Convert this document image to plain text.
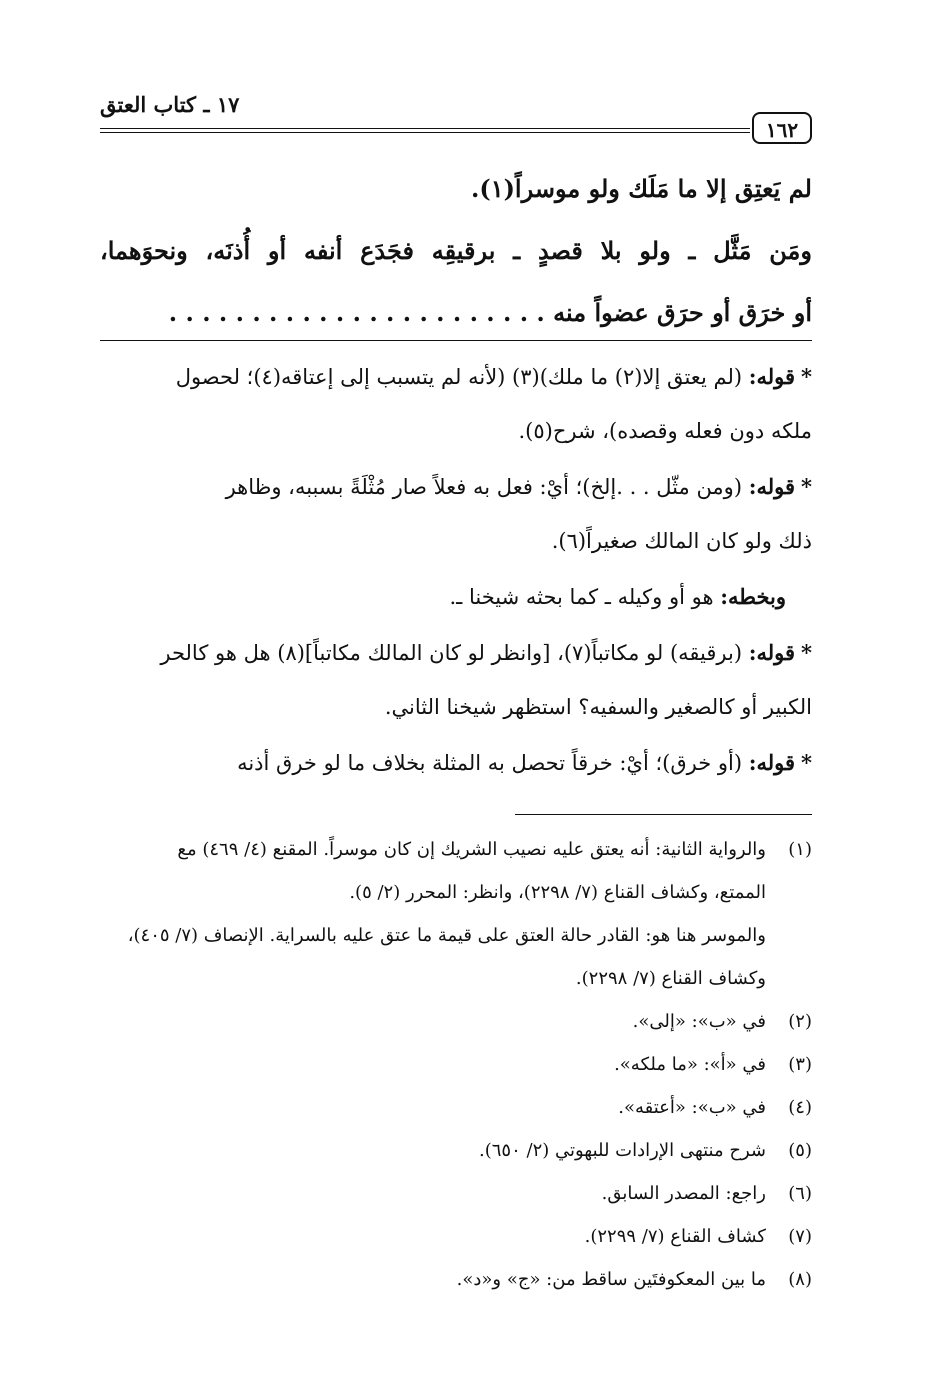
١٧ ـ كتاب العتق
١٦٢
لم يَعتِق إلا ما مَلَك ولو موسراً(١).
ومَن مَثَّل ـ ولو بلا قصدٍ ـ برقيقِه فجَدَع أنفه أو أُذنَه، ونحوَهما،
أو خرَق أو حرَق عضواً منه . . . . . . . . . . . . . . . . . . . . . . .

*قوله: (لم يعتق إلا(٢) ما ملك)(٣) (لأنه لم يتسبب إلى إعتاقه(٤)؛ لحصول

ملكه دون فعله وقصده)، شرح(٥).

*قوله: (ومن مثّل . . .إلخ)؛ أيْ: فعل به فعلاً صار مُثْلَةً بسببه، وظاهر

ذلك ولو كان المالك صغيراً(٦).

وبخطه: هو أو وكيله ـ كما بحثه شيخنا ـ.

*قوله: (برقيقه) لو مكاتباً(٧)، [وانظر لو كان المالك مكاتباً](٨) هل هو كالحر

الكبير أو كالصغير والسفيه؟ استظهر شيخنا الثاني.

*قوله: (أو خرق)؛ أيْ: خرقاً تحصل به المثلة بخلاف ما لو خرق أذنه

(١)والرواية الثانية: أنه يعتق عليه نصيب الشريك إن كان موسراً. المقنع (٤/ ٤٦٩) مع
الممتع، وكشاف القناع (٧/ ٢٢٩٨)، وانظر: المحرر (٢/ ٥).
والموسر هنا هو: القادر حالة العتق على قيمة ما عتق عليه بالسراية. الإنصاف (٧/ ٤٠٥)،
وكشاف القناع (٧/ ٢٢٩٨).
(٢)في «ب»: «إلى».
(٣)في «أ»: «ما ملكه».
(٤)في «ب»: «أعتقه».
(٥)شرح منتهى الإرادات للبهوتي (٢/ ٦٥٠).
(٦)راجع: المصدر السابق.
(٧)كشاف القناع (٧/ ٢٢٩٩).
(٨)ما بين المعكوفتَين ساقط من: «ج» و«د».
